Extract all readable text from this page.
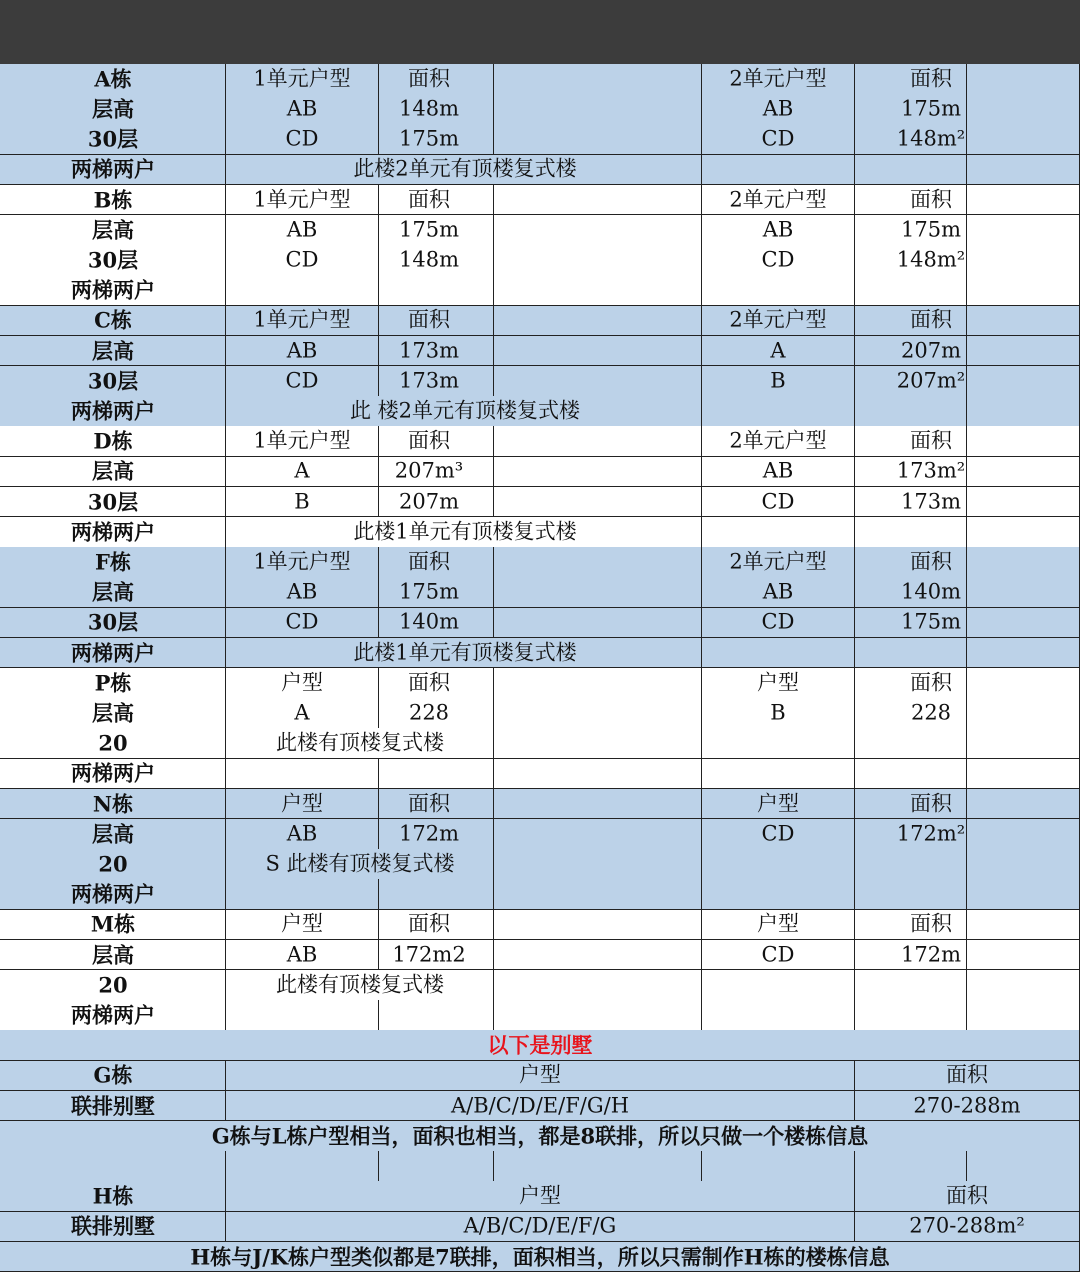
A栋	1单元户型	面积	2单元户型	面积
层高	AB	148m	AB	175m
30层	CD	175m	CD	148m²
两梯两户	此楼2单元有顶楼复式楼
B栋	1单元户型	面积	2单元户型	面积
层高	AB	175m	AB	175m
30层	CD	148m	CD	148m²
两梯两户
C栋	1单元户型	面积	2单元户型	面积
层高	AB	173m	A	207m
30层	CD	173m	B	207m²
两梯两户	此 楼2单元有顶楼复式楼
D栋	1单元户型	面积	2单元户型	面积
层高	A	207m³	AB	173m²
30层	B	207m	CD	173m
两梯两户	此楼1单元有顶楼复式楼
F栋	1单元户型	面积	2单元户型	面积
层高	AB	175m	AB	140m
30层	CD	140m	CD	175m
两梯两户	此楼1单元有顶楼复式楼
P栋	户型	面积	户型	面积
层高	A	228	B	228
20	此楼有顶楼复式楼
两梯两户
N栋	户型	面积	户型	面积
层高	AB	172m	CD	172m²
20	S 此楼有顶楼复式楼
两梯两户
M栋	户型	面积	户型	面积
层高	AB	172m2	CD	172m
20	此楼有顶楼复式楼
两梯两户
以下是别墅
G栋	户型	面积
联排别墅	A/B/C/D/E/F/G/H	270-288m
G栋与L栋户型相当，面积也相当，都是8联排，所以只做一个楼栋信息
H栋	户型	面积
联排别墅	A/B/C/D/E/F/G	270-288m²
H栋与J/K栋户型类似都是7联排，面积相当，所以只需制作H栋的楼栋信息
